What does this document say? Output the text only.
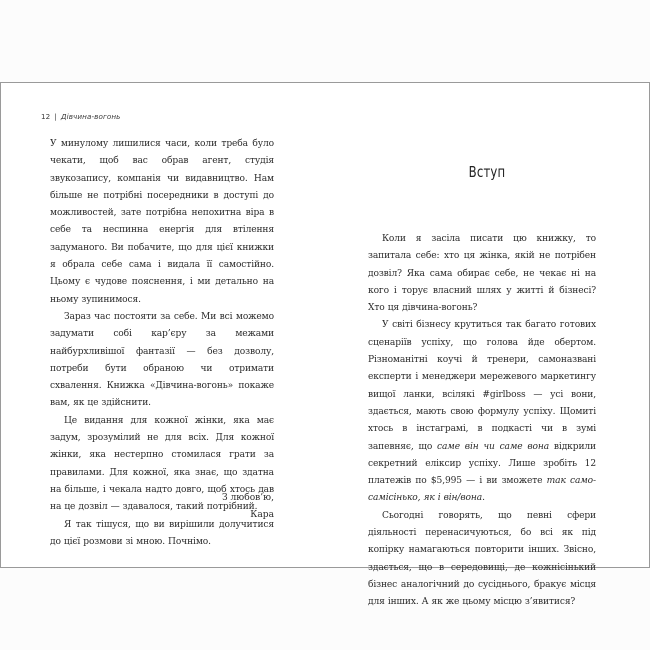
12 | Дівчина-вогонь

У минулому лишилися часи, коли треба було чекати, щоб вас обрав агент, студія звукозапису, компанія чи видавництво. Нам більше не потрібні посередники в доступі до можливостей, зате потрібна непохитна віра в себе та неспинна енергія для втілення задуманого. Ви побачите, що для цієї книжки я обрала себе сама і видала її самостійно. Цьому є чудове пояснення, і ми детально на ньому зупинимося.

Зараз час постояти за себе. Ми всі можемо задумати собі кар’єру за межами найбурхливішої фантазії — без дозволу, потреби бути обраною чи отримати схвалення. Книжка «Дівчина-вогонь» покаже вам, як це здійснити.

Це видання для кожної жінки, яка має задум, зрозумілий не для всіх. Для кожної жінки, яка нестерпно стомилася грати за правилами. Для кожної, яка знає, що здатна на більше, і чекала надто довго, щоб хтось дав на це дозвіл — здавалося, такий потрібний.

Я так тішуся, що ви вирішили долучитися до цієї розмови зі мною. Почнімо.

З любов’ю,
Кара
Вступ

Коли я засіла писати цю книжку, то запитала себе: хто ця жінка, якій не потрібен дозвіл? Яка сама обирає себе, не чекає ні на кого і торує власний шлях у житті й бізнесі? Хто ця дівчина-вогонь?

У світі бізнесу крутиться так багато готових сценаріїв успіху, що голова йде обертом. Різноманітні коучі й тренери, самоназвані експерти і менеджери мережевого маркетингу вищої ланки, всілякі #girlboss — усі вони, здається, мають свою формулу успіху. Щомиті хтось в інстаграмі, в подкасті чи в зумі запевняє, що саме він чи саме вона відкрили секретний еліксир успіху. Лише зробіть 12 платежів по $5,995 — і ви зможете так само-самісінько, як і він/вона.

Сьогодні говорять, що певні сфери діяльності перенасичуються, бо всі як під копірку намагаються повторити інших. Звісно, здається, що в середовищі, де кожнісінький бізнес аналогічний до сусіднього, бракує місця для інших. А як же цьому місцю з’явитися?
